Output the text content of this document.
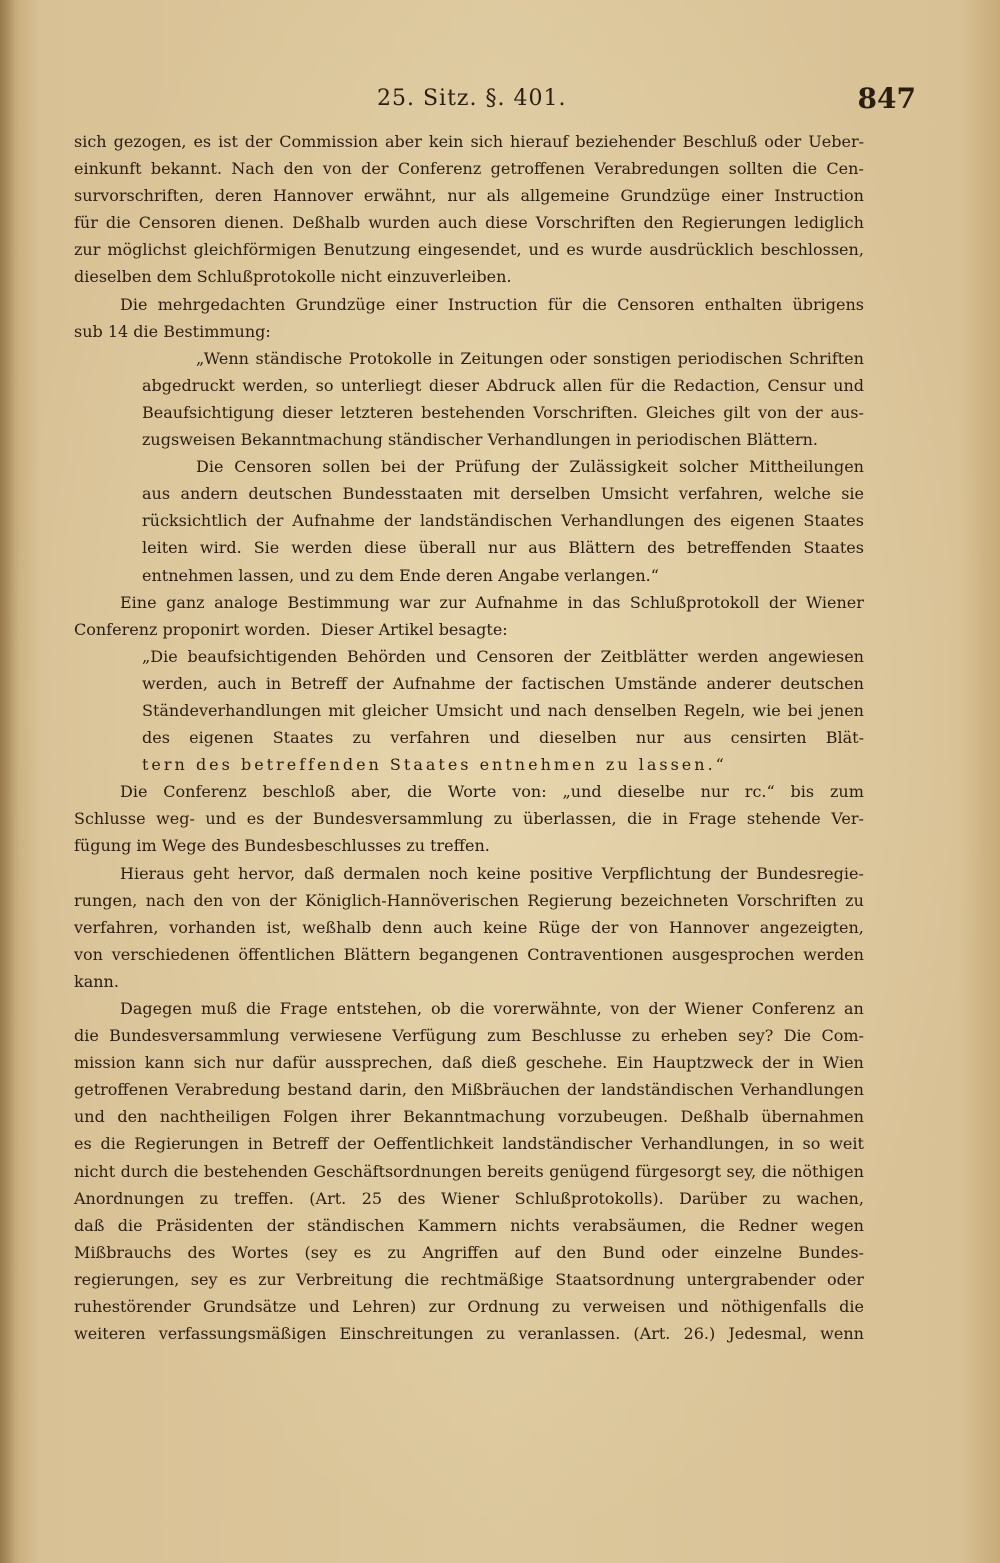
25. Sitz. §. 401.	847
sich gezogen, es ist der Commission aber kein sich hierauf beziehender Beschluß oder Ueber-
einkunft bekannt. Nach den von der Conferenz getroffenen Verabredungen sollten die Cen-
survorschriften, deren Hannover erwähnt, nur als allgemeine Grundzüge einer Instruction
für die Censoren dienen. Deßhalb wurden auch diese Vorschriften den Regierungen lediglich
zur möglichst gleichförmigen Benutzung eingesendet, und es wurde ausdrücklich beschlossen,
dieselben dem Schlußprotokolle nicht einzuverleiben.
Die mehrgedachten Grundzüge einer Instruction für die Censoren enthalten übrigens
sub 14 die Bestimmung:
„Wenn ständische Protokolle in Zeitungen oder sonstigen periodischen Schriften
abgedruckt werden, so unterliegt dieser Abdruck allen für die Redaction, Censur und
Beaufsichtigung dieser letzteren bestehenden Vorschriften. Gleiches gilt von der aus-
zugsweisen Bekanntmachung ständischer Verhandlungen in periodischen Blättern.
Die Censoren sollen bei der Prüfung der Zulässigkeit solcher Mittheilungen
aus andern deutschen Bundesstaaten mit derselben Umsicht verfahren, welche sie
rücksichtlich der Aufnahme der landständischen Verhandlungen des eigenen Staates
leiten wird. Sie werden diese überall nur aus Blättern des betreffenden Staates
entnehmen lassen, und zu dem Ende deren Angabe verlangen.“
Eine ganz analoge Bestimmung war zur Aufnahme in das Schlußprotokoll der Wiener
Conferenz proponirt worden.  Dieser Artikel besagte:
„Die beaufsichtigenden Behörden und Censoren der Zeitblätter werden angewiesen
werden, auch in Betreff der Aufnahme der factischen Umstände anderer deutschen
Ständeverhandlungen mit gleicher Umsicht und nach denselben Regeln, wie bei jenen
des eigenen Staates zu verfahren und dieselben nur aus censirten Blät-
tern des betreffenden Staates entnehmen zu lassen.“
Die Conferenz beschloß aber, die Worte von: „und dieselbe nur rc.“ bis zum
Schlusse weg- und es der Bundesversammlung zu überlassen, die in Frage stehende Ver-
fügung im Wege des Bundesbeschlusses zu treffen.
Hieraus geht hervor, daß dermalen noch keine positive Verpflichtung der Bundesregie-
rungen, nach den von der Königlich-Hannöverischen Regierung bezeichneten Vorschriften zu
verfahren, vorhanden ist, weßhalb denn auch keine Rüge der von Hannover angezeigten,
von verschiedenen öffentlichen Blättern begangenen Contraventionen ausgesprochen werden
kann.
Dagegen muß die Frage entstehen, ob die vorerwähnte, von der Wiener Conferenz an
die Bundesversammlung verwiesene Verfügung zum Beschlusse zu erheben sey? Die Com-
mission kann sich nur dafür aussprechen, daß dieß geschehe. Ein Hauptzweck der in Wien
getroffenen Verabredung bestand darin, den Mißbräuchen der landständischen Verhandlungen
und den nachtheiligen Folgen ihrer Bekanntmachung vorzubeugen. Deßhalb übernahmen
es die Regierungen in Betreff der Oeffentlichkeit landständischer Verhandlungen, in so weit
nicht durch die bestehenden Geschäftsordnungen bereits genügend fürgesorgt sey, die nöthigen
Anordnungen zu treffen. (Art. 25 des Wiener Schlußprotokolls). Darüber zu wachen,
daß die Präsidenten der ständischen Kammern nichts verabsäumen, die Redner wegen
Mißbrauchs des Wortes (sey es zu Angriffen auf den Bund oder einzelne Bundes-
regierungen, sey es zur Verbreitung die rechtmäßige Staatsordnung untergrabender oder
ruhestörender Grundsätze und Lehren) zur Ordnung zu verweisen und nöthigenfalls die
weiteren verfassungsmäßigen Einschreitungen zu veranlassen. (Art. 26.) Jedesmal, wenn
